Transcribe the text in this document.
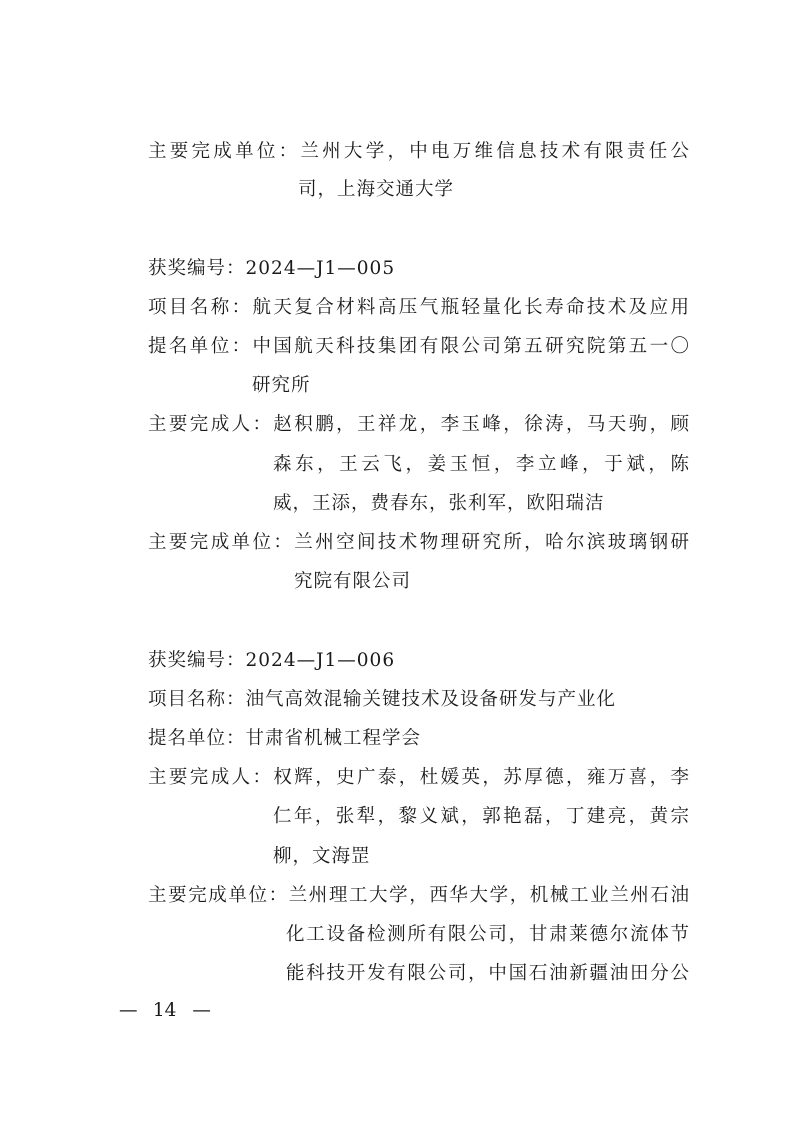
主要完成单位：兰州大学，中电万维信息技术有限责任公
司，上海交通大学
获奖编号：2024—J1—005
项目名称：航天复合材料高压气瓶轻量化长寿命技术及应用
提名单位：中国航天科技集团有限公司第五研究院第五一〇
研究所
主要完成人：赵积鹏，王祥龙，李玉峰，徐涛，马天驹，顾
森东，王云飞，姜玉恒，李立峰，于斌，陈
威，王添，费春东，张利军，欧阳瑞洁
主要完成单位：兰州空间技术物理研究所，哈尔滨玻璃钢研
究院有限公司
获奖编号：2024—J1—006
项目名称：油气高效混输关键技术及设备研发与产业化
提名单位：甘肃省机械工程学会
主要完成人：权辉，史广泰，杜媛英，苏厚德，雍万喜，李
仁年，张犁，黎义斌，郭艳磊，丁建亮，黄宗
柳，文海罡
主要完成单位：兰州理工大学，西华大学，机械工业兰州石油
化工设备检测所有限公司，甘肃莱德尔流体节
能科技开发有限公司，中国石油新疆油田分公
— 14 —
